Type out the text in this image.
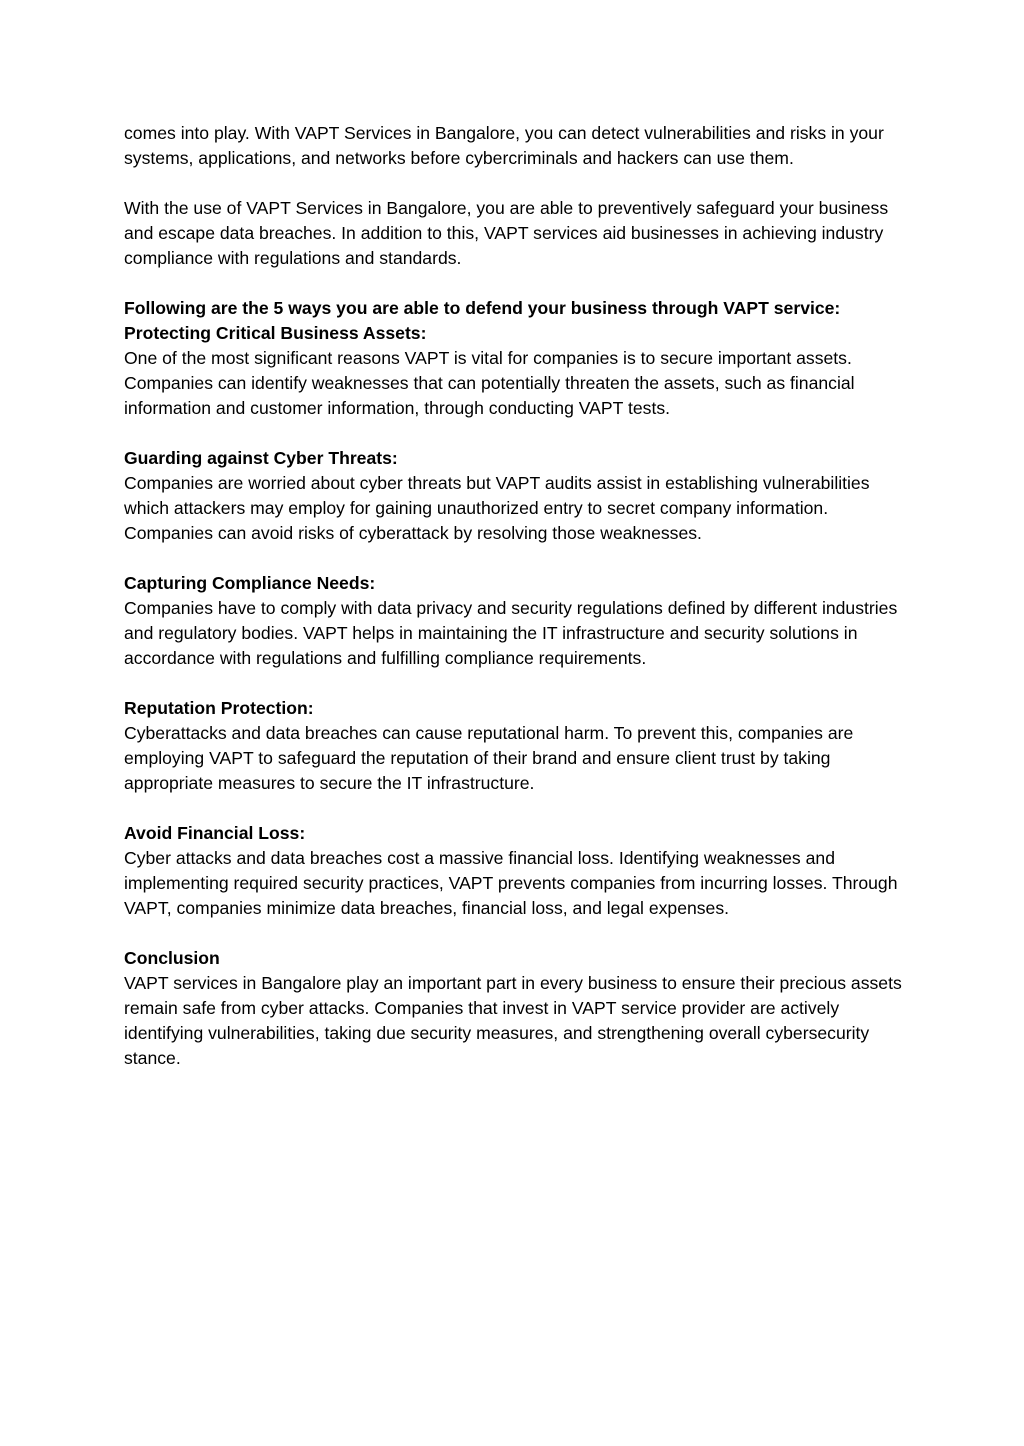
comes into play. With VAPT Services in Bangalore, you can detect vulnerabilities and risks in your systems, applications, and networks before cybercriminals and hackers can use them.

With the use of VAPT Services in Bangalore, you are able to preventively safeguard your business and escape data breaches. In addition to this, VAPT services aid businesses in achieving industry compliance with regulations and standards.

Following are the 5 ways you are able to defend your business through VAPT service:

Protecting Critical Business Assets:

One of the most significant reasons VAPT is vital for companies is to secure important assets. Companies can identify weaknesses that can potentially threaten the assets, such as financial information and customer information, through conducting VAPT tests.

Guarding against Cyber Threats:

Companies are worried about cyber threats but VAPT audits assist in establishing vulnerabilities which attackers may employ for gaining unauthorized entry to secret company information. Companies can avoid risks of cyberattack by resolving those weaknesses.

Capturing Compliance Needs:

Companies have to comply with data privacy and security regulations defined by different industries and regulatory bodies. VAPT helps in maintaining the IT infrastructure and security solutions in accordance with regulations and fulfilling compliance requirements.

Reputation Protection:

Cyberattacks and data breaches can cause reputational harm. To prevent this, companies are employing VAPT to safeguard the reputation of their brand and ensure client trust by taking appropriate measures to secure the IT infrastructure.

Avoid Financial Loss:

Cyber attacks and data breaches cost a massive financial loss. Identifying weaknesses and implementing required security practices, VAPT prevents companies from incurring losses. Through VAPT, companies minimize data breaches, financial loss, and legal expenses.

Conclusion

VAPT services in Bangalore play an important part in every business to ensure their precious assets remain safe from cyber attacks. Companies that invest in VAPT service provider are actively identifying vulnerabilities, taking due security measures, and strengthening overall cybersecurity stance.
